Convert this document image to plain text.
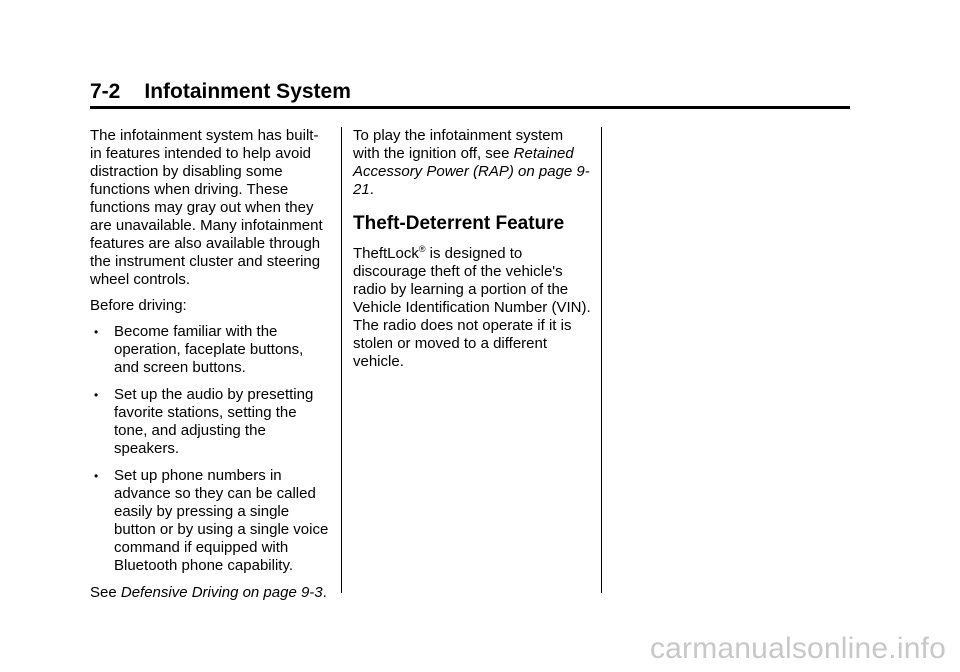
7-2 Infotainment System

The infotainment system has built-in features intended to help avoid distraction by disabling some functions when driving. These functions may gray out when they are unavailable. Many infotainment features are also available through the instrument cluster and steering wheel controls.

Before driving:

• Become familiar with the operation, faceplate buttons, and screen buttons.
• Set up the audio by presetting favorite stations, setting the tone, and adjusting the speakers.
• Set up phone numbers in advance so they can be called easily by pressing a single button or by using a single voice command if equipped with Bluetooth phone capability.

See Defensive Driving on page 9-3.

To play the infotainment system with the ignition off, see Retained Accessory Power (RAP) on page 9-21.

Theft-Deterrent Feature

TheftLock® is designed to discourage theft of the vehicle's radio by learning a portion of the Vehicle Identification Number (VIN). The radio does not operate if it is stolen or moved to a different vehicle.

carmanualsonline.info
